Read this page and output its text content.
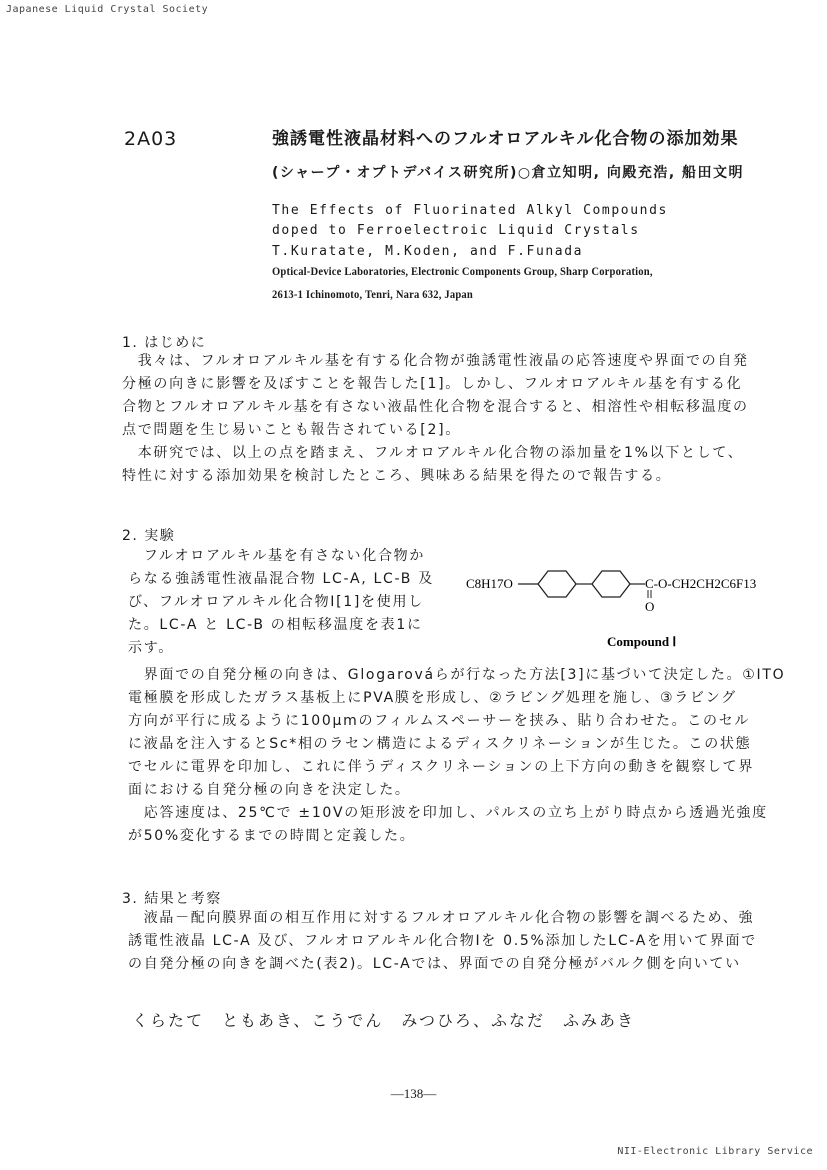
Japanese Liquid Crystal Society
2A03	強誘電性液晶材料へのフルオロアルキル化合物の添加効果
(シャープ・オプトデバイス研究所)○倉立知明, 向殿充浩, 船田文明
The Effects of Fluorinated Alkyl Compounds
doped to Ferroelectroic Liquid Crystals
T.Kuratate, M.Koden, and F.Funada
Optical-Device Laboratories, Electronic Components Group, Sharp Corporation,
2613-1 Ichinomoto, Tenri, Nara 632, Japan
1. はじめに
　我々は、フルオロアルキル基を有する化合物が強誘電性液晶の応答速度や界面での自発
分極の向きに影響を及ぼすことを報告した[1]。しかし、フルオロアルキル基を有する化
合物とフルオロアルキル基を有さない液晶性化合物を混合すると、相溶性や相転移温度の
点で問題を生じ易いことも報告されている[2]。
　本研究では、以上の点を踏まえ、フルオロアルキル化合物の添加量を1%以下として、
特性に対する添加効果を検討したところ、興味ある結果を得たので報告する。
2. 実験
　フルオロアルキル基を有さない化合物か
らなる強誘電性液晶混合物 LC-A, LC-B 及
び、フルオロアルキル化合物Ⅰ[1]を使用し
た。LC-A と LC-B の相転移温度を表1に
示す。
C8H17O	C-O-CH2CH2C6F13
O
Compound Ⅰ
　界面での自発分極の向きは、Glogarováらが行なった方法[3]に基づいて決定した。①ITO
電極膜を形成したガラス基板上にPVA膜を形成し、②ラビング処理を施し、③ラビング
方向が平行に成るように100μmのフィルムスペーサーを挟み、貼り合わせた。このセル
に液晶を注入するとSc*相のラセン構造によるディスクリネーションが生じた。この状態
でセルに電界を印加し、これに伴うディスクリネーションの上下方向の動きを観察して界
面における自発分極の向きを決定した。
　応答速度は、25℃で ±10Vの矩形波を印加し、パルスの立ち上がり時点から透過光強度
が50%変化するまでの時間と定義した。
3. 結果と考察
　液晶－配向膜界面の相互作用に対するフルオロアルキル化合物の影響を調べるため、強
誘電性液晶 LC-A 及び、フルオロアルキル化合物Ⅰを 0.5%添加したLC-Aを用いて界面で
の自発分極の向きを調べた(表2)。LC-Aでは、界面での自発分極がバルク側を向いてい
くらたて　ともあき、こうでん　みつひろ、ふなだ　ふみあき
—138—
NII-Electronic Library Service
